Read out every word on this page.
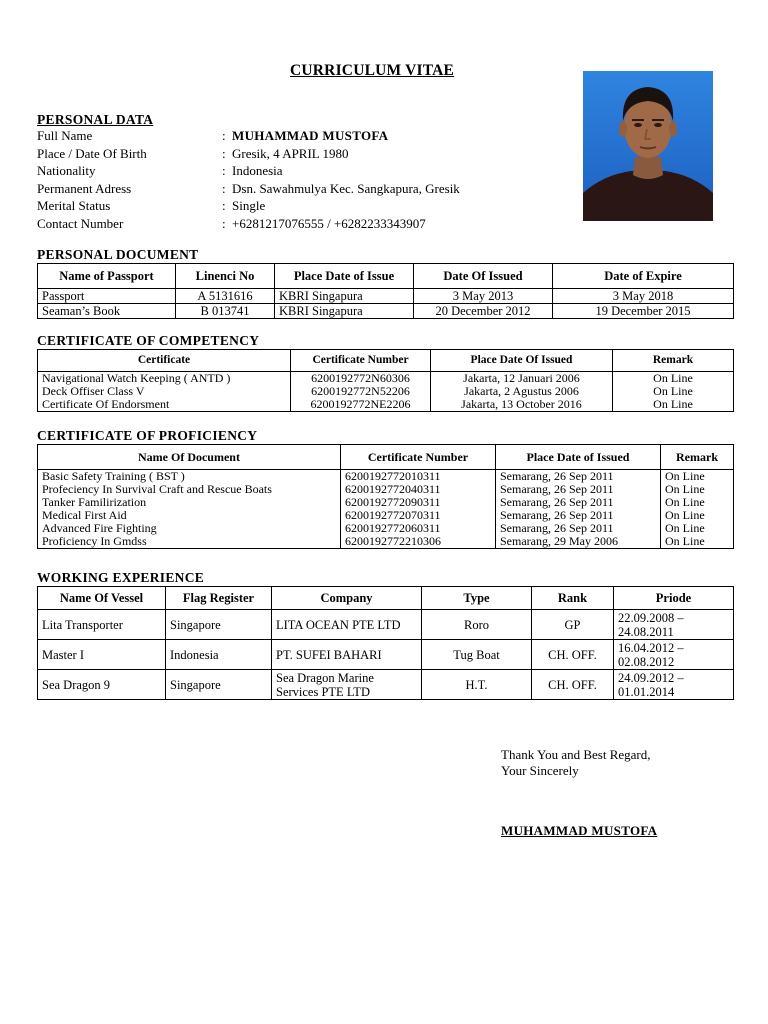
CURRICULUM VITAE
PERSONAL DATA
Full Name	: MUHAMMAD MUSTOFA
Place / Date Of Birth	: Gresik, 4 APRIL 1980
Nationality	: Indonesia
Permanent Adress	: Dsn. Sawahmulya Kec. Sangkapura, Gresik
Merital Status	: Single
Contact Number	: +6281217076555 / +6282233343907
PERSONAL DOCUMENT
Name of Passport	Linenci No	Place Date of Issue	Date Of Issued	Date of Expire
Passport	A 5131616	KBRI Singapura	3 May 2013	3 May 2018
Seaman’s Book	B 013741	KBRI Singapura	20 December 2012	19 December 2015
CERTIFICATE OF COMPETENCY
Certificate	Certificate Number	Place Date Of Issued	Remark
Navigational Watch Keeping ( ANTD )	6200192772N60306	Jakarta, 12 Januari 2006	On Line
Deck Offiser Class V	6200192772N52206	Jakarta, 2 Agustus 2006	On Line
Certificate Of Endorsment	6200192772NE2206	Jakarta, 13 October 2016	On Line
CERTIFICATE OF PROFICIENCY
Name Of Document	Certificate Number	Place Date of Issued	Remark
Basic Safety Training ( BST )	6200192772010311	Semarang, 26 Sep 2011	On Line
Profeciency In Survival Craft and Rescue Boats	6200192772040311	Semarang, 26 Sep 2011	On Line
Tanker Familirization	6200192772090311	Semarang, 26 Sep 2011	On Line
Medical First Aid	6200192772070311	Semarang, 26 Sep 2011	On Line
Advanced Fire Fighting	6200192772060311	Semarang, 26 Sep 2011	On Line
Proficiency In Gmdss	6200192772210306	Semarang, 29 May 2006	On Line
WORKING EXPERIENCE
Name Of Vessel	Flag Register	Company	Type	Rank	Priode
Lita Transporter	Singapore	LITA OCEAN PTE LTD	Roro	GP	22.09.2008 – 24.08.2011
Master I	Indonesia	PT. SUFEI BAHARI	Tug Boat	CH. OFF.	16.04.2012 – 02.08.2012
Sea Dragon 9	Singapore	Sea Dragon Marine Services PTE LTD	H.T.	CH. OFF.	24.09.2012 – 01.01.2014
Thank You and Best Regard,
Your Sincerely
MUHAMMAD MUSTOFA
